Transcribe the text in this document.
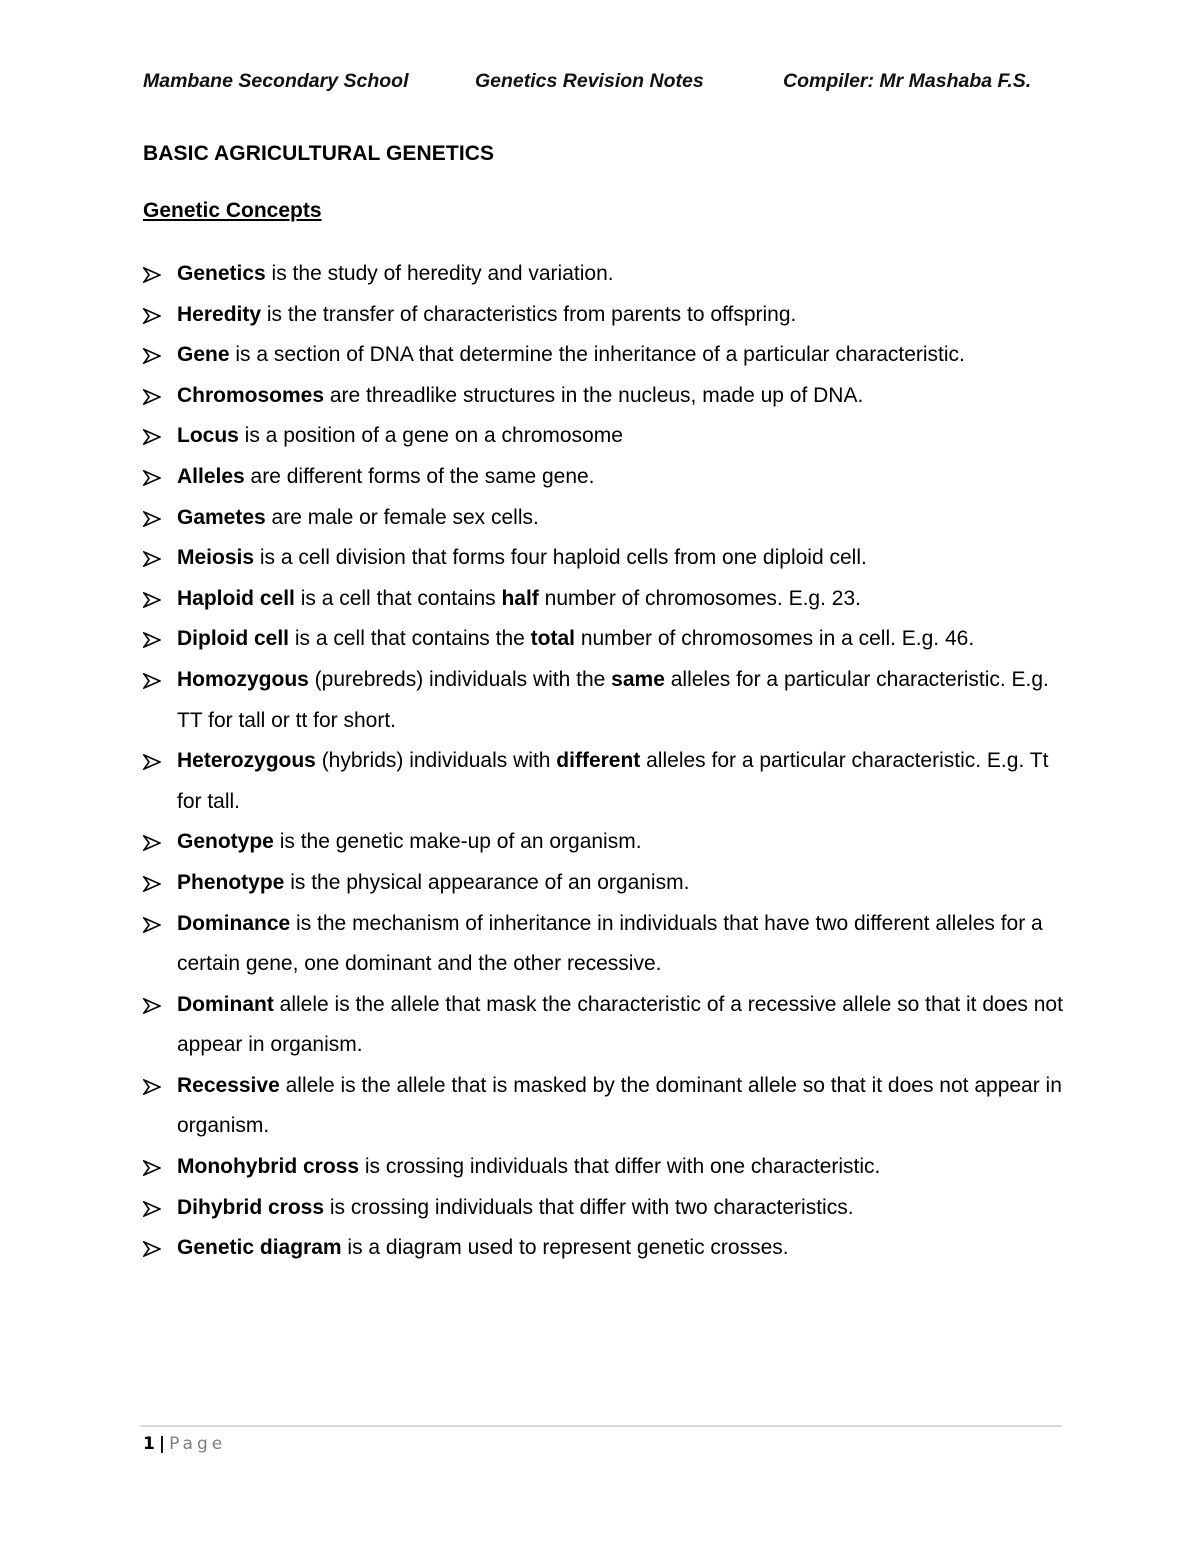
Mambane Secondary School	Genetics Revision Notes	Compiler: Mr Mashaba F.S.
BASIC AGRICULTURAL GENETICS
Genetic Concepts
Genetics is the study of heredity and variation.
Heredity is the transfer of characteristics from parents to offspring.
Gene is a section of DNA that determine the inheritance of a particular characteristic.
Chromosomes are threadlike structures in the nucleus, made up of DNA.
Locus is a position of a gene on a chromosome
Alleles are different forms of the same gene.
Gametes are male or female sex cells.
Meiosis is a cell division that forms four haploid cells from one diploid cell.
Haploid cell is a cell that contains half number of chromosomes. E.g. 23.
Diploid cell is a cell that contains the total number of chromosomes in a cell. E.g. 46.
Homozygous (purebreds) individuals with the same alleles for a particular characteristic. E.g. TT for tall or tt for short.
Heterozygous (hybrids) individuals with different alleles for a particular characteristic. E.g. Tt for tall.
Genotype is the genetic make-up of an organism.
Phenotype is the physical appearance of an organism.
Dominance is the mechanism of inheritance in individuals that have two different alleles for a certain gene, one dominant and the other recessive.
Dominant allele is the allele that mask the characteristic of a recessive allele so that it does not appear in organism.
Recessive allele is the allele that is masked by the dominant allele so that it does not appear in organism.
Monohybrid cross is crossing individuals that differ with one characteristic.
Dihybrid cross is crossing individuals that differ with two characteristics.
Genetic diagram is a diagram used to represent genetic crosses.
1 | Page
